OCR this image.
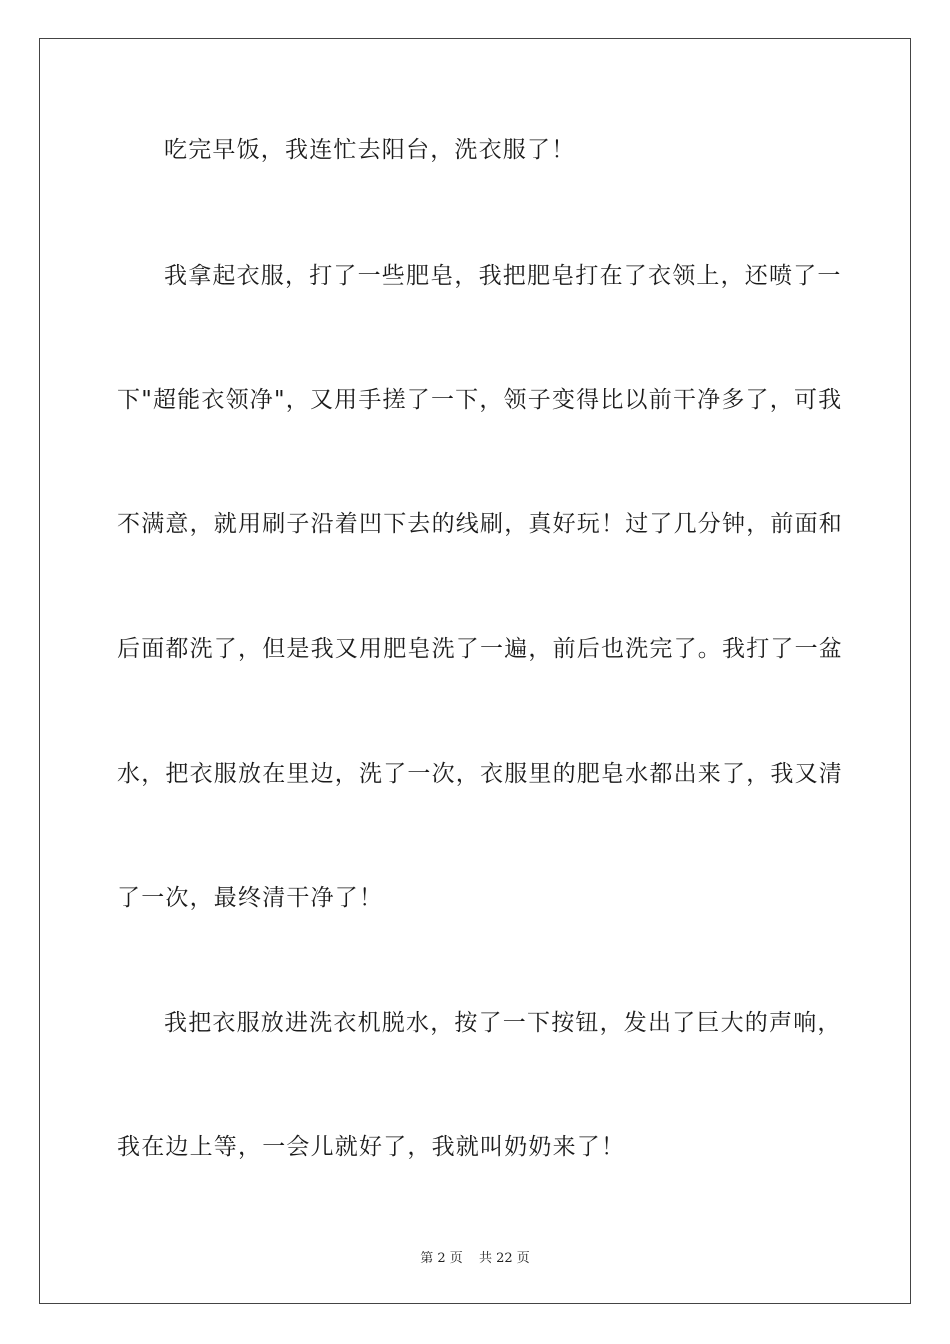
吃完早饭，我连忙去阳台，洗衣服了！
我拿起衣服，打了一些肥皂，我把肥皂打在了衣领上，还喷了一
下"超能衣领净"，又用手搓了一下，领子变得比以前干净多了，可我
不满意，就用刷子沿着凹下去的线刷，真好玩！过了几分钟，前面和
后面都洗了，但是我又用肥皂洗了一遍，前后也洗完了。我打了一盆
水，把衣服放在里边，洗了一次，衣服里的肥皂水都出来了，我又清
了一次，最终清干净了！
我把衣服放进洗衣机脱水，按了一下按钮，发出了巨大的声响，
我在边上等，一会儿就好了，我就叫奶奶来了！
第 2 页 共 22 页
